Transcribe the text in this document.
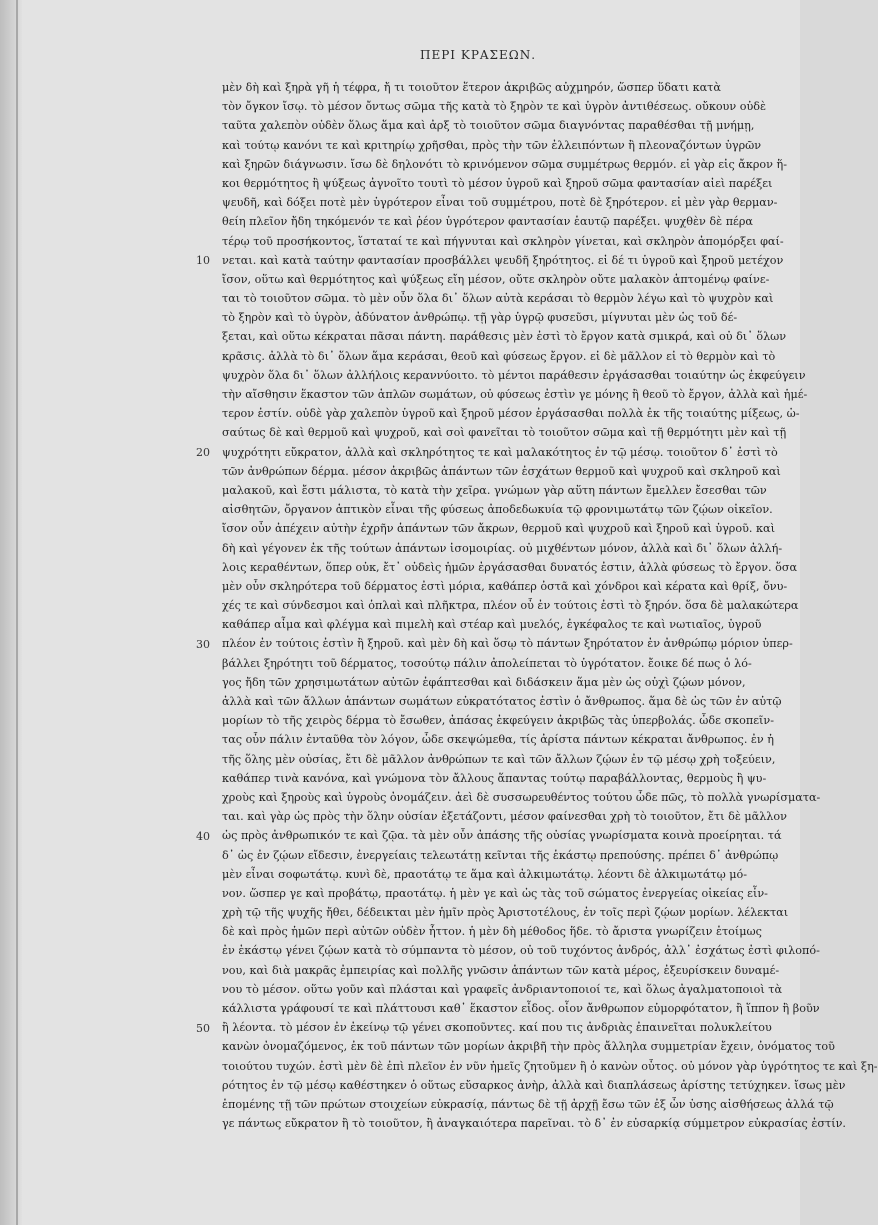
ΠΕΡΙ ΚΡΑΣΕΩΝ.
μὲν δὴ καὶ ξηρὰ γῆ ἡ τέφρα, ἤ τι τοιοῦτον ἕτερον ἀκριβῶς αὐχμηρόν, ὥσπερ ὕδατι κατὰ
τὸν ὄγκον ἴσῳ. τὸ μέσον ὄντως σῶμα τῆς κατὰ τὸ ξηρὸν τε καὶ ὑγρὸν ἀντιθέσεως. οὔκουν οὐδὲ
ταῦτα χαλεπὸν οὐδὲν ὅλως ἅμα καὶ ἀρξ τὸ τοιοῦτον σῶμα διαγνόντας παραθέσθαι τῇ μνήμῃ,
καὶ τούτῳ κανόνι τε καὶ κριτηρίῳ χρῆσθαι, πρὸς τὴν τῶν ἐλλειπόντων ἢ πλεοναζόντων ὑγρῶν
καὶ ξηρῶν διάγνωσιν. ἴσω δὲ δηλονότι τὸ κρινόμενον σῶμα συμμέτρως θερμόν. εἰ γὰρ εἰς ἄκρον ἥ-
κοι θερμότητος ἢ ψύξεως ἀγνοῖτο τουτὶ τὸ μέσον ὑγροῦ καὶ ξηροῦ σῶμα φαντασίαν αἰεὶ παρέξει
ψευδῆ, καὶ δόξει ποτὲ μὲν ὑγρότερον εἶναι τοῦ συμμέτρου, ποτὲ δὲ ξηρότερον. εἰ μὲν γὰρ θερμαν-
θείη πλεῖον ἤδη τηκόμενόν τε καὶ ῥέον ὑγρότερον φαντασίαν ἑαυτῷ παρέξει. ψυχθὲν δὲ πέρα
τέρῳ τοῦ προσήκοντος, ἵσταταί τε καὶ πήγνυται καὶ σκληρὸν γίνεται, καὶ σκληρὸν ἀπομόρξει φαί-
νεται. καὶ κατὰ ταύτην φαντασίαν προσβάλλει ψευδῆ ξηρότητος. εἰ δέ τι ὑγροῦ καὶ ξηροῦ μετέχον
ἴσον, οὕτω καὶ θερμότητος καὶ ψύξεως εἴη μέσον, οὔτε σκληρὸν οὔτε μαλακὸν ἁπτομένῳ φαίνε-
ται τὸ τοιοῦτον σῶμα. τὸ μὲν οὖν ὅλα δι᾿ ὅλων αὐτὰ κεράσαι τὸ θερμὸν λέγω καὶ τὸ ψυχρὸν καὶ
τὸ ξηρὸν καὶ τὸ ὑγρὸν, ἀδύνατον ἀνθρώπῳ. τῇ γὰρ ὑγρῷ φυσεῦσι, μίγνυται μὲν ὡς τοῦ δέ-
ξεται, καὶ οὕτω κέκραται πᾶσαι πάντη. παράθεσις μὲν ἐστὶ τὸ ἔργον κατὰ σμικρά, καὶ οὐ δι᾿ ὅλων
κρᾶσις. ἀλλὰ τὸ δι᾿ ὅλων ἅμα κεράσαι, θεοῦ καὶ φύσεως ἔργον. εἰ δὲ μᾶλλον εἰ τὸ θερμὸν καὶ τὸ
ψυχρὸν ὅλα δι᾿ ὅλων ἀλλήλοις κεραννύοιτο. τὸ μέντοι παράθεσιν ἐργάσασθαι τοιαύτην ὡς ἐκφεύγειν
τὴν αἴσθησιν ἕκαστον τῶν ἁπλῶν σωμάτων, οὐ φύσεως ἐστὶν γε μόνης ἢ θεοῦ τὸ ἔργον, ἀλλὰ καὶ ἡμέ-
τερον ἐστίν. οὐδὲ γὰρ χαλεπὸν ὑγροῦ καὶ ξηροῦ μέσον ἐργάσασθαι πολλὰ ἐκ τῆς τοιαύτης μίξεως, ὡ-
σαύτως δὲ καὶ θερμοῦ καὶ ψυχροῦ, καὶ σοὶ φανεῖται τὸ τοιοῦτον σῶμα καὶ τῇ θερμότητι μὲν καὶ τῇ
ψυχρότητι εὔκρατον, ἀλλὰ καὶ σκληρότητος τε καὶ μαλακότητος ἐν τῷ μέσῳ. τοιοῦτον δ᾿ ἐστὶ τὸ
τῶν ἀνθρώπων δέρμα. μέσον ἀκριβῶς ἁπάντων τῶν ἐσχάτων θερμοῦ καὶ ψυχροῦ καὶ σκληροῦ καὶ
μαλακοῦ, καὶ ἔστι μάλιστα, τὸ κατὰ τὴν χεῖρα. γνώμων γὰρ αὕτη πάντων ἔμελλεν ἔσεσθαι τῶν
αἰσθητῶν, ὄργανον ἁπτικὸν εἶναι τῆς φύσεως ἀποδεδωκυία τῷ φρονιμωτάτῳ τῶν ζῴων οἰκεῖον.
ἴσον οὖν ἀπέχειν αὐτὴν ἐχρῆν ἁπάντων τῶν ἄκρων, θερμοῦ καὶ ψυχροῦ καὶ ξηροῦ καὶ ὑγροῦ. καὶ
δὴ καὶ γέγονεν ἐκ τῆς τούτων ἁπάντων ἰσομοιρίας. οὐ μιχθέντων μόνον, ἀλλὰ καὶ δι᾿ ὅλων ἀλλή-
λοις κεραθέντων, ὅπερ οὐκ, ἔτ᾿ οὐδεὶς ἡμῶν ἐργάσασθαι δυνατός ἐστιν, ἀλλὰ φύσεως τὸ ἔργον. ὅσα
μὲν οὖν σκληρότερα τοῦ δέρματος ἐστὶ μόρια, καθάπερ ὀστᾶ καὶ χόνδροι καὶ κέρατα καὶ θρίξ, ὄνυ-
χές τε καὶ σύνδεσμοι καὶ ὁπλαὶ καὶ πλῆκτρα, πλέον οὗ ἐν τούτοις ἐστὶ τὸ ξηρόν. ὅσα δὲ μαλακώτερα
καθάπερ αἷμα καὶ φλέγμα καὶ πιμελὴ καὶ στέαρ καὶ μυελός, ἐγκέφαλος τε καὶ νωτιαῖος, ὑγροῦ
πλέον ἐν τούτοις ἐστὶν ἢ ξηροῦ. καὶ μὲν δὴ καὶ ὅσῳ τὸ πάντων ξηρότατον ἐν ἀνθρώπῳ μόριον ὑπερ-
βάλλει ξηρότητι τοῦ δέρματος, τοσούτῳ πάλιν ἀπολείπεται τὸ ὑγρότατον. ἔοικε δέ πως ὁ λό-
γος ἤδη τῶν χρησιμωτάτων αὐτῶν ἐφάπτεσθαι καὶ διδάσκειν ἅμα μὲν ὡς οὐχὶ ζῴων μόνον,
ἀλλὰ καὶ τῶν ἄλλων ἁπάντων σωμάτων εὐκρατότατος ἐστὶν ὁ ἄνθρωπος. ἅμα δὲ ὡς τῶν ἐν αὐτῷ
μορίων τὸ τῆς χειρὸς δέρμα τὸ ἔσωθεν, ἀπάσας ἐκφεύγειν ἀκριβῶς τὰς ὑπερβολάς. ὧδε σκοπεῖν-
τας οὖν πάλιν ἐνταῦθα τὸν λόγον, ὧδε σκεψώμεθα, τίς ἀρίστα πάντων κέκραται ἄνθρωπος. ἐν ἡ
τῆς ὅλης μὲν οὐσίας, ἔτι δὲ μᾶλλον ἀνθρώπων τε καὶ τῶν ἄλλων ζῴων ἐν τῷ μέσῳ χρὴ τοξεύειν,
καθάπερ τινὰ κανόνα, καὶ γνώμονα τὸν ἄλλους ἅπαντας τούτῳ παραβάλλοντας, θερμοὺς ἢ ψυ-
χροὺς καὶ ξηροὺς καὶ ὑγροὺς ὀνομάζειν. ἀεὶ δὲ συσσωρευθέντος τούτου ὧδε πῶς, τὸ πολλὰ γνωρίσματα-
ται. καὶ γὰρ ὡς πρὸς τὴν ὅλην οὐσίαν ἐξετάζοντι, μέσον φαίνεσθαι χρὴ τὸ τοιοῦτον, ἔτι δὲ μᾶλλον
ὡς πρὸς ἀνθρωπικόν τε καὶ ζῷα. τὰ μὲν οὖν ἀπάσης τῆς οὐσίας γνωρίσματα κοινὰ προείρηται. τά
δ᾿ ὡς ἐν ζῴων εἴδεσιν, ἐνεργείαις τελεωτάτῃ κεῖνται τῆς ἑκάστῳ πρεπούσης. πρέπει δ᾿ ἀνθρώπῳ
μὲν εἶναι σοφωτάτῳ. κυνὶ δὲ, πραοτάτῳ τε ἅμα καὶ ἀλκιμωτάτῳ. λέοντι δὲ ἀλκιμωτάτῳ μό-
νον. ὥσπερ γε καὶ προβάτῳ, πραοτάτῳ. ἡ μὲν γε καὶ ὡς τὰς τοῦ σώματος ἐνεργείας οἰκείας εἶν-
χρὴ τῷ τῆς ψυχῆς ἤθει, δέδεικται μὲν ἡμῖν πρὸς Ἀριστοτέλους, ἐν τοῖς περὶ ζῴων μορίων. λέλεκται
δὲ καὶ πρὸς ἡμῶν περὶ αὐτῶν οὐδὲν ἧττον. ἡ μὲν δὴ μέθοδος ἥδε. τὸ ἄριστα γνωρίζειν ἑτοίμως
ἐν ἑκάστῳ γένει ζῴων κατὰ τὸ σύμπαντα τὸ μέσον, οὐ τοῦ τυχόντος ἀνδρός, ἀλλ᾿ ἐσχάτως ἐστὶ φιλοπό-
νου, καὶ διὰ μακρᾶς ἐμπειρίας καὶ πολλῆς γνῶσιν ἁπάντων τῶν κατὰ μέρος, ἐξευρίσκειν δυναμέ-
νου τὸ μέσον. οὕτω γοῦν καὶ πλάσται καὶ γραφεῖς ἀνδριαντοποιοί τε, καὶ ὅλως ἀγαλματοποιοὶ τὰ
κάλλιστα γράφουσί τε καὶ πλάττουσι καθ᾿ ἕκαστον εἶδος. οἷον ἄνθρωπον εὐμορφότατον, ἢ ἵππον ἢ βοῦν
ἢ λέοντα. τὸ μέσον ἐν ἐκείνῳ τῷ γένει σκοποῦντες. καί που τις ἀνδριὰς ἐπαινεῖται πολυκλείτου
κανὼν ὀνομαζόμενος, ἐκ τοῦ πάντων τῶν μορίων ἀκριβῆ τὴν πρὸς ἄλληλα συμμετρίαν ἔχειν, ὀνόματος τοῦ
τοιούτου τυχών. ἐστὶ μὲν δὲ ἐπὶ πλεῖον ἐν νῦν ἡμεῖς ζητοῦμεν ἢ ὁ κανὼν οὗτος. οὐ μόνον γὰρ ὑγρότητος τε καὶ ξη-
ρότητος ἐν τῷ μέσῳ καθέστηκεν ὁ οὕτως εὔσαρκος ἀνὴρ, ἀλλὰ καὶ διαπλάσεως ἀρίστης τετύχηκεν. ἴσως μὲν
ἑπομένης τῇ τῶν πρώτων στοιχείων εὐκρασίᾳ, πάντως δὲ τῇ ἀρχῇ ἔσω τῶν ἐξ ὧν ὑσης αἰσθήσεως ἀλλά τῷ
γε πάντως εὔκρατον ἢ τὸ τοιοῦτον, ἢ ἀναγκαιότερα παρεῖναι. τὸ δ᾿ ἐν εὐσαρκίᾳ σύμμετρον εὐκρασίας ἐστίν.
10
20
30
40
50
